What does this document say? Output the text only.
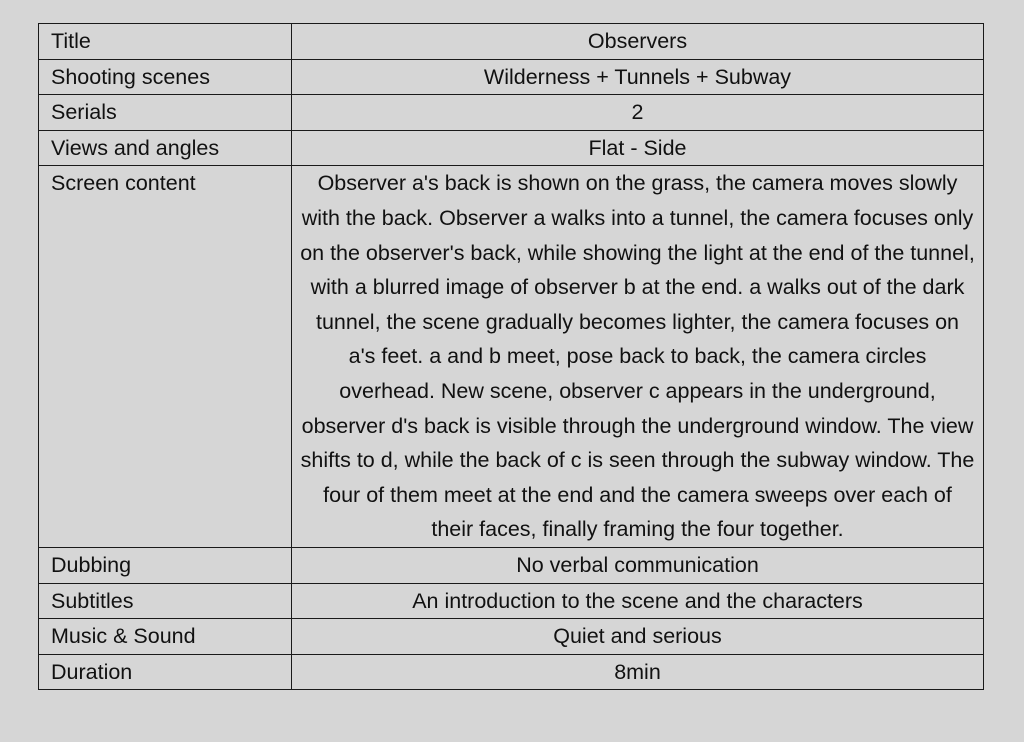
Title	Observers
Shooting scenes	Wilderness + Tunnels + Subway
Serials	2
Views and angles	Flat - Side
Screen content	Observer a's back is shown on the grass, the camera moves slowly with the back. Observer a walks into a tunnel, the camera focuses only on the observer's back, while showing the light at the end of the tunnel, with a blurred image of observer b at the end. a walks out of the dark tunnel, the scene gradually becomes lighter, the camera focuses on a's feet. a and b meet, pose back to back, the camera circles overhead. New scene, observer c appears in the underground, observer d's back is visible through the underground window. The view shifts to d, while the back of c is seen through the subway window. The four of them meet at the end and the camera sweeps over each of their faces, finally framing the four together.
Dubbing	No verbal communication
Subtitles	An introduction to the scene and the characters
Music & Sound	Quiet and serious
Duration	8min
